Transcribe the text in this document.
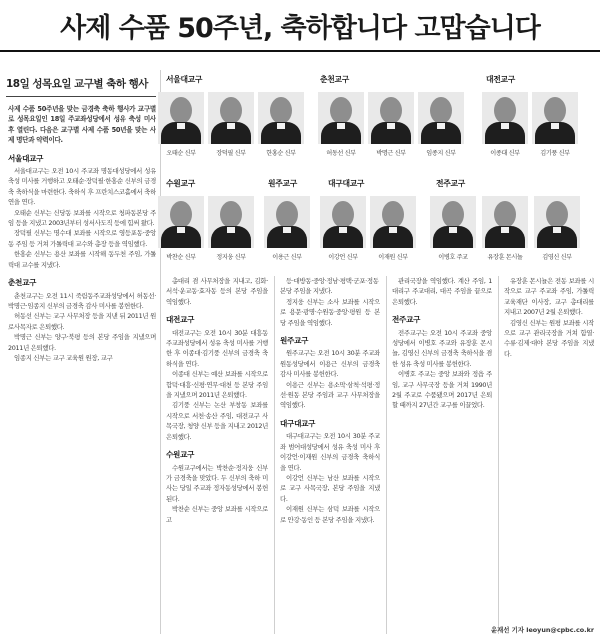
사제 수품 50주년, 축하합니다 고맙습니다
18일 성목요일 교구별 축하 행사

사제 수품 50주년을 맞는 금경축 축하 행사가 교구별로 성목요일인 18일 주교좌성당에서 성유 축성 미사 후 열린다. 다음은 교구별 사제 수품 50년을 맞는 사제 명단과 약력이다.

서울대교구

서울대교구는 오전 10시 주교좌 명동대성당에서 성유 축성 미사를 거행하고 오태순·장덕필·한홍순 신부의 금경축 축하식을 마련한다. 축하식 후 프란치스코홀에서 축하연을 연다.

오태순 신부는 신당동 보좌를 시작으로 청파동본당 주임 등을 지냈고 2003년부터 성서사도직 등에 힘써 왔다.

장덕필 신부는 명수대 보좌를 시작으로 영등포동·중앙동 주임 등 거쳐 가톨릭대 교수와 총장 등을 역임했다.

한홍순 신부는 용산 보좌를 시작해 동두천 주임, 가톨릭대 교수를 지냈다.

춘천교구

춘천교구는 오전 11시 죽림동주교좌성당에서 허동선·박명근·임종지 신부의 금경축 감사 미사를 봉헌한다.

허동선 신부는 교구 사무처장 등을 지낸 뒤 2011년 원로사목자로 은퇴했다.

박명근 신부는 양구·북평 등의 본당 주임을 지냈으며 2011년 은퇴했다.

임종지 신부는 교구 교육원 원장, 교구

서울대교구
오태순 신부	장덕필 신부	한홍순 신부
춘천교구
허동선 신부	박명근 신부	임종지 신부
대전교구
이종대 신부	김기풍 신부
수원교구
박찬순 신부	정지웅 신부
원주교구
이용근 신부
대구대교구
이강언 신부	이재원 신부
전주교구
이병호 주교	유장훈 몬시뇰	김영신 신부

총대리 겸 사무처장을 지내고, 김화·서석·운교동·효자동 등의 본당 주임을 역임했다.

대전교구

대전교구는 오전 10시 30분 대흥동주교좌성당에서 성유 축성 미사를 거행한 후 이종대·김기풍 신부의 금경축 축하식을 연다.

이종대 신부는 예산 보좌를 시작으로 합덕·대흥·신평·연무·대천 등 본당 주임을 지냈으며 2011년 은퇴했다.

김기풍 신부는 논산 부창동 보좌를 시작으로 서천·송산 주임, 대전교구 사목국장, 청양 신부 등을 지내고 2012년 은퇴했다.

수원교구

수원교구에서는 박찬순·정지웅 신부가 금경축을 맞았다. 두 신부의 축하 미사는 당일 주교좌 정자동성당에서 봉헌된다.

박찬순 신부는 중앙 보좌를 시작으로 고

등·대방동·중앙·정남·평택·군포·정동 본당 주임을 지냈다.

정지웅 신부는 소사 보좌를 시작으로 용문·광명·수원동·중앙·평원 등 본당 주임을 역임했다.

원주교구

원주교구는 오전 10시 30분 주교좌 원동성당에서 이용근 신부의 금경축 감사 미사를 봉헌한다.

이용근 신부는 용소막·삼척·석평·정선·원동 본당 주임과 교구 사무처장을 역임했다.

대구대교구

대구대교구는 오전 10시 30분 주교좌 범어대성당에서 성유 축성 미사 후 이강언·이재원 신부의 금경축 축하식을 연다.

이강언 신부는 남산 보좌를 시작으로 교구 사목국장, 본당 주임을 지냈다.

이재원 신부는 삼덕 보좌를 시작으로 안강·동인 등 본당 주임을 지냈다.

관리국장을 역임했다. 계산 주임, 1대리구 주교대리, 대곡 주임을 끝으로 은퇴했다.

전주교구

전주교구는 오전 10시 주교좌 중앙성당에서 이병호 주교와 유장훈 몬시뇰, 김영신 신부의 금경축 축하식을 겸한 성유 축성 미사를 봉헌한다.

이병호 주교는 중앙 보좌와 정읍 주임, 교구 사무국장 등을 거쳐 1990년 2월 주교로 수품됐으며 2017년 은퇴할 때까지 27년간 교구를 이끌었다.

유장훈 몬시뇰은 전동 보좌를 시작으로 교구 주교좌 주임, 가톨릭 교육재단 이사장, 교구 총대리를 지내고 2007년 2월 은퇴했다.

김영신 신부는 원평 보좌를 시작으로 교구 관리국장을 거쳐 함열·수류·김제·대야 본당 주임을 지냈다.

윤재선 기자 leoyun@cpbc.co.kr
